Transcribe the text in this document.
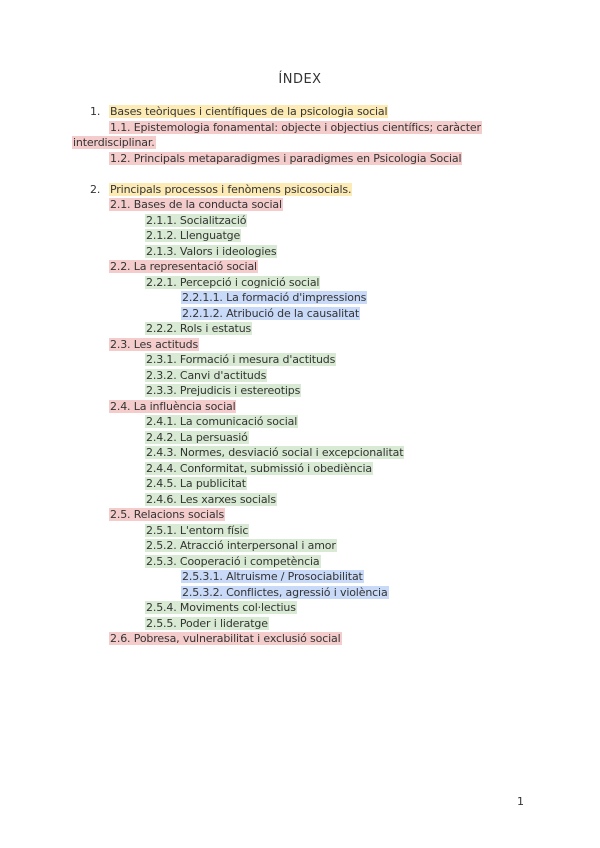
ÍNDEX
1. Bases teòriques i científiques de la psicologia social
1.1. Epistemologia fonamental: objecte i objectius científics; caràcter
interdisciplinar.
1.2. Principals metaparadigmes i paradigmes en Psicologia Social
2. Principals processos i fenòmens psicosocials.
2.1. Bases de la conducta social
2.1.1. Socialització
2.1.2. Llenguatge
2.1.3. Valors i ideologies
2.2. La representació social
2.2.1. Percepció i cognició social
2.2.1.1. La formació d'impressions
2.2.1.2. Atribució de la causalitat
2.2.2. Rols i estatus
2.3. Les actituds
2.3.1. Formació i mesura d'actituds
2.3.2. Canvi d'actituds
2.3.3. Prejudicis i estereotips
2.4. La influència social
2.4.1. La comunicació social
2.4.2. La persuasió
2.4.3. Normes, desviació social i excepcionalitat
2.4.4. Conformitat, submissió i obediència
2.4.5. La publicitat
2.4.6. Les xarxes socials
2.5. Relacions socials
2.5.1. L'entorn físic
2.5.2. Atracció interpersonal i amor
2.5.3. Cooperació i competència
2.5.3.1. Altruisme / Prosociabilitat
2.5.3.2. Conflictes, agressió i violència
2.5.4. Moviments col·lectius
2.5.5. Poder i lideratge
2.6. Pobresa, vulnerabilitat i exclusió social
1
